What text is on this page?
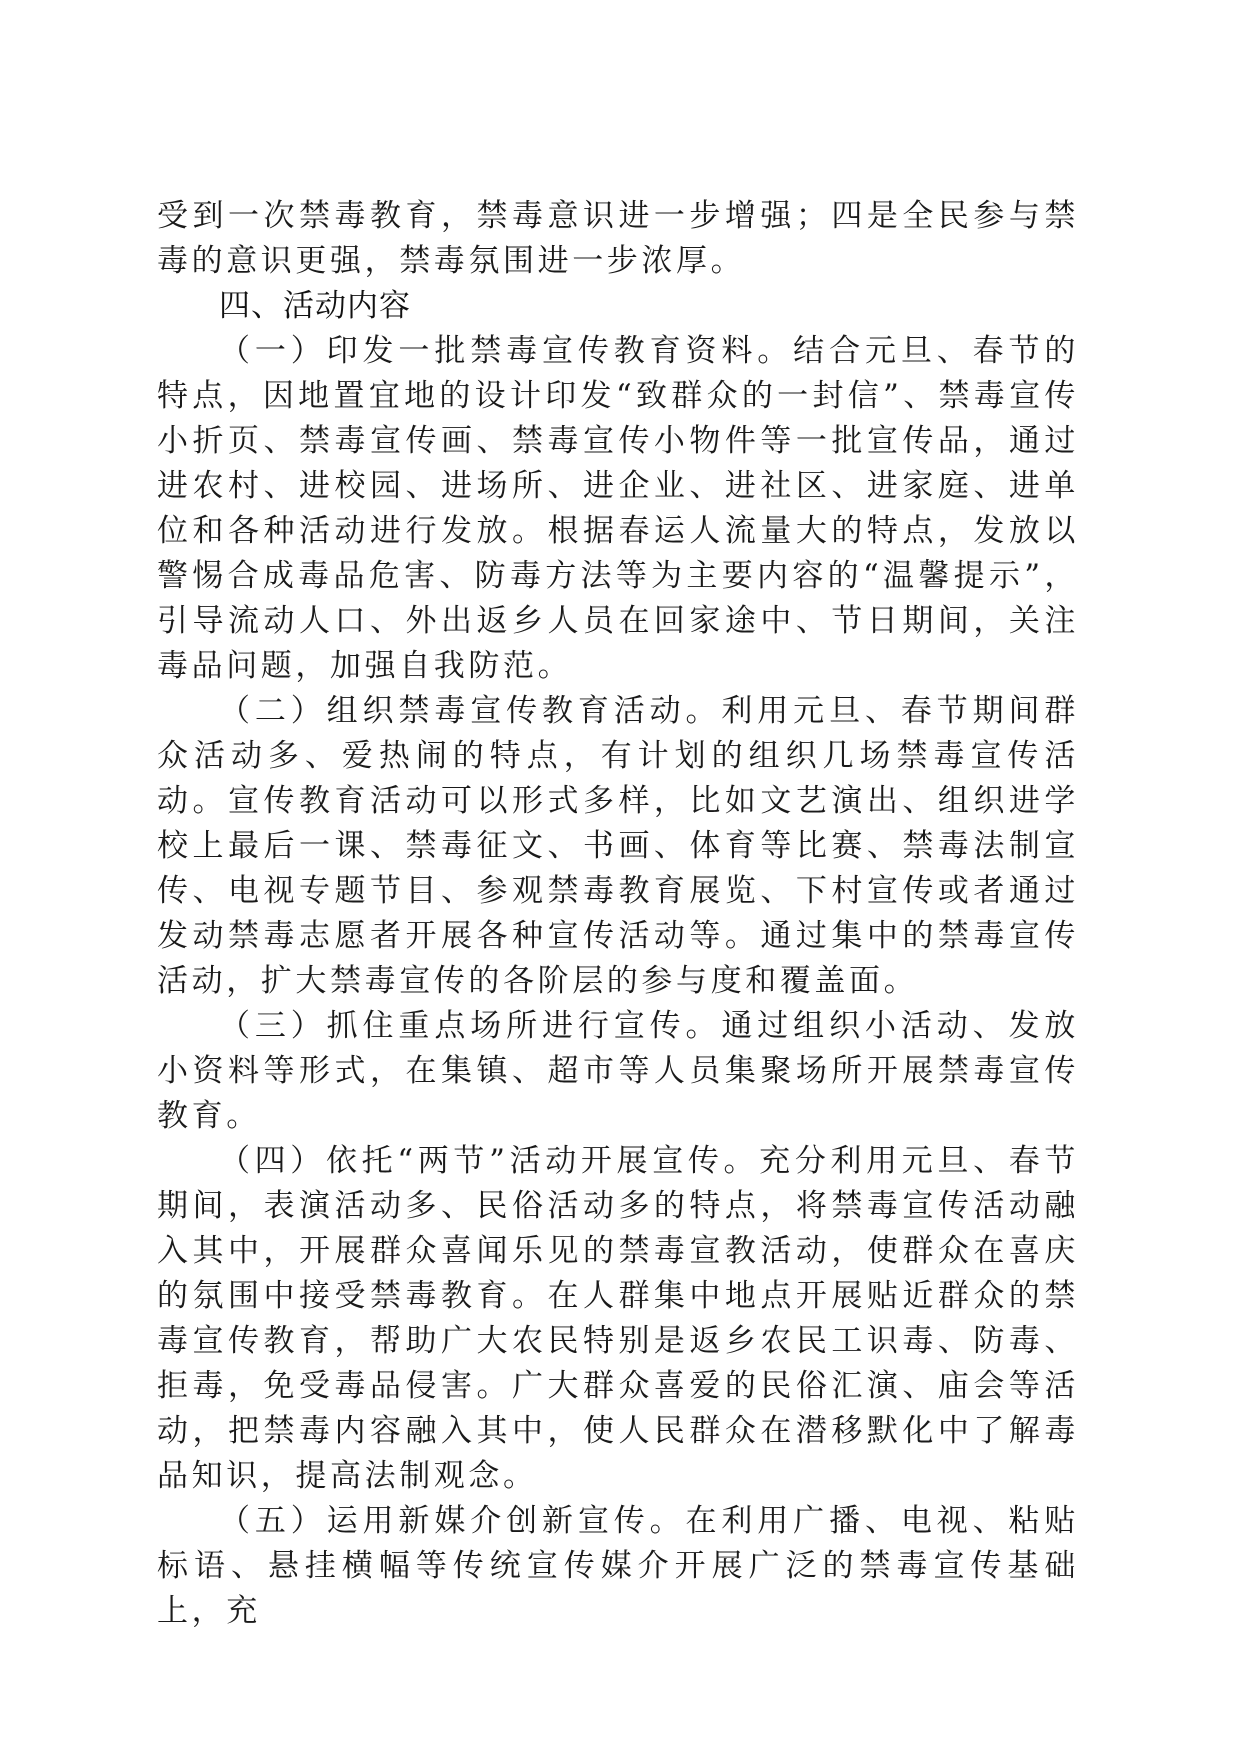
受到一次禁毒教育，禁毒意识进一步增强；四是全民参与禁毒的意识更强，禁毒氛围进一步浓厚。

四、活动内容

（一）印发一批禁毒宣传教育资料。结合元旦、春节的特点，因地置宜地的设计印发“致群众的一封信”、禁毒宣传小折页、禁毒宣传画、禁毒宣传小物件等一批宣传品，通过进农村、进校园、进场所、进企业、进社区、进家庭、进单位和各种活动进行发放。根据春运人流量大的特点，发放以警惕合成毒品危害、防毒方法等为主要内容的“温馨提示”，引导流动人口、外出返乡人员在回家途中、节日期间，关注毒品问题，加强自我防范。

（二）组织禁毒宣传教育活动。利用元旦、春节期间群众活动多、爱热闹的特点，有计划的组织几场禁毒宣传活动。宣传教育活动可以形式多样，比如文艺演出、组织进学校上最后一课、禁毒征文、书画、体育等比赛、禁毒法制宣传、电视专题节目、参观禁毒教育展览、下村宣传或者通过发动禁毒志愿者开展各种宣传活动等。通过集中的禁毒宣传活动，扩大禁毒宣传的各阶层的参与度和覆盖面。

（三）抓住重点场所进行宣传。通过组织小活动、发放小资料等形式，在集镇、超市等人员集聚场所开展禁毒宣传教育。

（四）依托“两节”活动开展宣传。充分利用元旦、春节期间，表演活动多、民俗活动多的特点，将禁毒宣传活动融入其中，开展群众喜闻乐见的禁毒宣教活动，使群众在喜庆的氛围中接受禁毒教育。在人群集中地点开展贴近群众的禁毒宣传教育，帮助广大农民特别是返乡农民工识毒、防毒、拒毒，免受毒品侵害。广大群众喜爱的民俗汇演、庙会等活动，把禁毒内容融入其中，使人民群众在潜移默化中了解毒品知识，提高法制观念。

（五）运用新媒介创新宣传。在利用广播、电视、粘贴标语、悬挂横幅等传统宣传媒介开展广泛的禁毒宣传基础上，充
